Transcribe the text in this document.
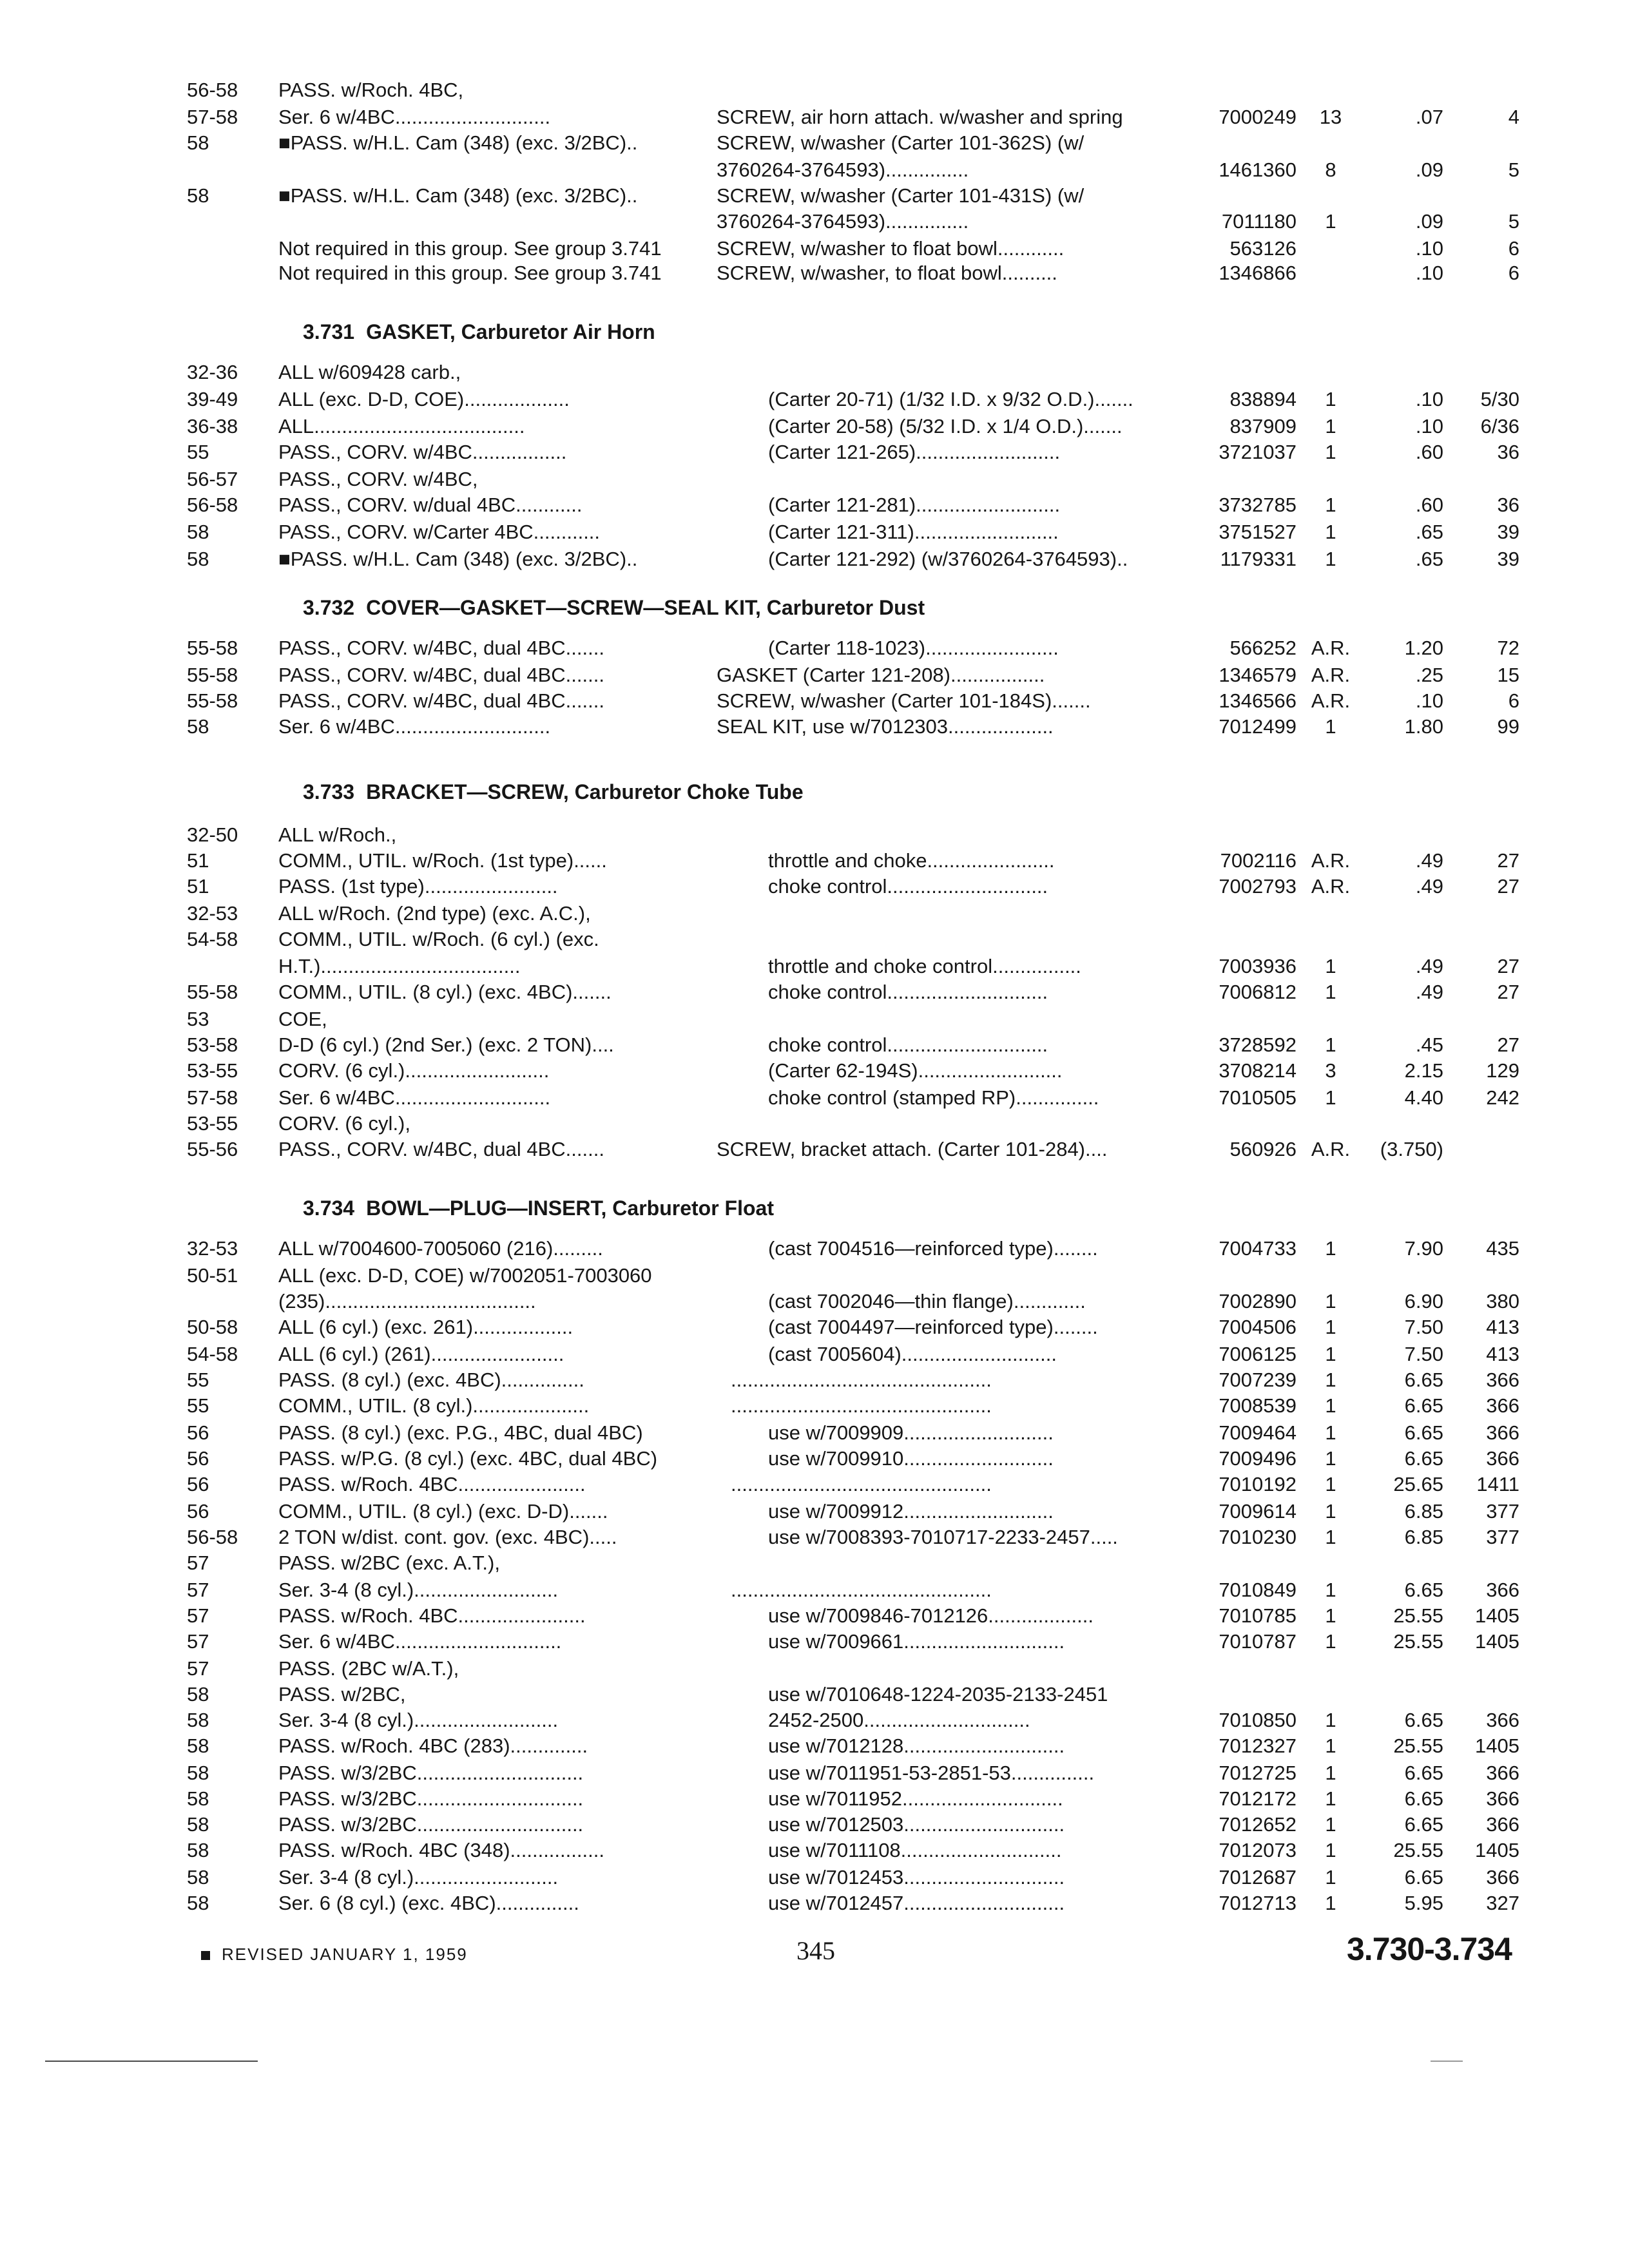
56-58	PASS. w/Roch. 4BC,
57-58	Ser. 6 w/4BC............................	SCREW, air horn attach. w/washer and spring	7000249	13	.07	4
58	■PASS. w/H.L. Cam (348) (exc. 3/2BC)..	SCREW, w/washer (Carter 101-362S) (w/
3760264-3764593)...............	1461360	8	.09	5
58	■PASS. w/H.L. Cam (348) (exc. 3/2BC)..	SCREW, w/washer (Carter 101-431S) (w/
3760264-3764593)...............	7011180	1	.09	5
Not required in this group. See group 3.741	SCREW, w/washer to float bowl............	563126	.10	6
Not required in this group. See group 3.741	SCREW, w/washer, to float bowl..........	1346866	.10	6
32-36	ALL w/609428 carb.,
39-49	ALL (exc. D-D, COE)...................	(Carter 20-71) (1/32 I.D. x 9/32 O.D.).......	838894	1	.10	5/30
36-38	ALL......................................	(Carter 20-58) (5/32 I.D. x 1/4 O.D.).......	837909	1	.10	6/36
55	PASS., CORV. w/4BC.................	(Carter 121-265)..........................	3721037	1	.60	36
56-57	PASS., CORV. w/4BC,
56-58	PASS., CORV. w/dual 4BC............	(Carter 121-281)..........................	3732785	1	.60	36
58	PASS., CORV. w/Carter 4BC............	(Carter 121-311)..........................	3751527	1	.65	39
58	■PASS. w/H.L. Cam (348) (exc. 3/2BC)..	(Carter 121-292) (w/3760264-3764593)..	1179331	1	.65	39
55-58	PASS., CORV. w/4BC, dual 4BC.......	(Carter 118-1023)........................	566252 A.R.	1.20	72
55-58	PASS., CORV. w/4BC, dual 4BC.......	GASKET (Carter 121-208).................	1346579 A.R.	.25	15
55-58	PASS., CORV. w/4BC, dual 4BC.......	SCREW, w/washer (Carter 101-184S).......	1346566 A.R.	.10	6
58	Ser. 6 w/4BC............................	SEAL KIT, use w/7012303...................	7012499	1	1.80	99
32-50	ALL w/Roch.,
51	COMM., UTIL. w/Roch. (1st type)......	throttle and choke.......................	7002116 A.R.	.49	27
51	PASS. (1st type)........................	choke control.............................	7002793 A.R.	.49	27
32-53	ALL w/Roch. (2nd type) (exc. A.C.),
54-58	COMM., UTIL. w/Roch. (6 cyl.) (exc.
H.T.)....................................	throttle and choke control................	7003936	1	.49	27
55-58	COMM., UTIL. (8 cyl.) (exc. 4BC).......	choke control.............................	7006812	1	.49	27
53	COE,
53-58	D-D (6 cyl.) (2nd Ser.) (exc. 2 TON)....	choke control.............................	3728592	1	.45	27
53-55	CORV. (6 cyl.)..........................	(Carter 62-194S)..........................	3708214	3	2.15	129
57-58	Ser. 6 w/4BC............................	choke control (stamped RP)...............	7010505	1	4.40	242
53-55	CORV. (6 cyl.),
55-56	PASS., CORV. w/4BC, dual 4BC.......	SCREW, bracket attach. (Carter 101-284)....	560926 A.R.	(3.750)
32-53	ALL w/7004600-7005060 (216).........	(cast 7004516—reinforced type)........	7004733	1	7.90	435
50-51	ALL (exc. D-D, COE) w/7002051-7003060
(235)......................................	(cast 7002046—thin flange).............	7002890	1	6.90	380
50-58	ALL (6 cyl.) (exc. 261)..................	(cast 7004497—reinforced type)........	7004506	1	7.50	413
54-58	ALL (6 cyl.) (261)........................	(cast 7005604)............................	7006125	1	7.50	413
55	PASS. (8 cyl.) (exc. 4BC)...............	...............................................	7007239	1	6.65	366
55	COMM., UTIL. (8 cyl.).....................	...............................................	7008539	1	6.65	366
56	PASS. (8 cyl.) (exc. P.G., 4BC, dual 4BC)	use w/7009909...........................	7009464	1	6.65	366
56	PASS. w/P.G. (8 cyl.) (exc. 4BC, dual 4BC)	use w/7009910...........................	7009496	1	6.65	366
56	PASS. w/Roch. 4BC.......................	...............................................	7010192	1	25.65	1411
56	COMM., UTIL. (8 cyl.) (exc. D-D).......	use w/7009912...........................	7009614	1	6.85	377
56-58	2 TON w/dist. cont. gov. (exc. 4BC).....	use w/7008393-7010717-2233-2457.....	7010230	1	6.85	377
57	PASS. w/2BC (exc. A.T.),
57	Ser. 3-4 (8 cyl.)..........................	...............................................	7010849	1	6.65	366
57	PASS. w/Roch. 4BC.......................	use w/7009846-7012126...................	7010785	1	25.55	1405
57	Ser. 6 w/4BC..............................	use w/7009661.............................	7010787	1	25.55	1405
57	PASS. (2BC w/A.T.),
58	PASS. w/2BC,	use w/7010648-1224-2035-2133-2451
58	Ser. 3-4 (8 cyl.)..........................	2452-2500..............................	7010850	1	6.65	366
58	PASS. w/Roch. 4BC (283)..............	use w/7012128.............................	7012327	1	25.55	1405
58	PASS. w/3/2BC..............................	use w/7011951-53-2851-53...............	7012725	1	6.65	366
58	PASS. w/3/2BC..............................	use w/7011952.............................	7012172	1	6.65	366
58	PASS. w/3/2BC..............................	use w/7012503.............................	7012652	1	6.65	366
58	PASS. w/Roch. 4BC (348).................	use w/7011108.............................	7012073	1	25.55	1405
58	Ser. 3-4 (8 cyl.)..........................	use w/7012453.............................	7012687	1	6.65	366
58	Ser. 6 (8 cyl.) (exc. 4BC)...............	use w/7012457.............................	7012713	1	5.95	327
3.731 GASKET, Carburetor Air Horn
3.732 COVER—GASKET—SCREW—SEAL KIT, Carburetor Dust
3.733 BRACKET—SCREW, Carburetor Choke Tube
3.734 BOWL—PLUG—INSERT, Carburetor Float
REVISED JANUARY 1, 1959	345	3.730-3.734
